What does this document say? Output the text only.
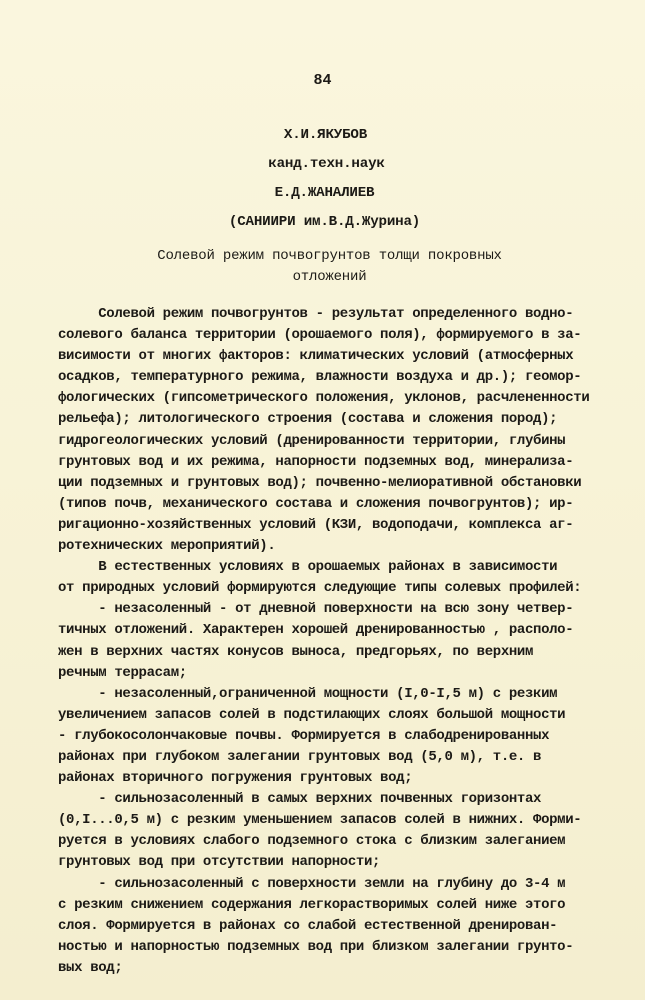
84
Х.И.ЯКУБОВ
канд.техн.наук
Е.Д.ЖАНАЛИЕВ
(САНИИРИ им.В.Д.Журина)
Солевой режим почвогрунтов толщи покровных
отложений
Солевой режим почвогрунтов - результат определенного водно-
солевого баланса территории (орошаемого поля), формируемого в за-
висимости от многих факторов: климатических условий (атмосферных
осадков, температурного режима, влажности воздуха и др.); геомор-
фологических (гипсометрического положения, уклонов, расчлененности
рельефа); литологического строения (состава и сложения пород);
гидрогеологических условий (дренированности территории, глубины
грунтовых вод и их режима, напорности подземных вод, минерализа-
ции подземных и грунтовых вод); почвенно-мелиоративной обстановки
(типов почв, механического состава и сложения почвогрунтов); ир-
ригационно-хозяйственных условий (КЗИ, водоподачи, комплекса аг-
ротехнических мероприятий).
В естественных условиях в орошаемых районах в зависимости
от природных условий формируются следующие типы солевых профилей:
- незасоленный - от дневной поверхности на всю зону четвер-
тичных отложений. Характерен хорошей дренированностью , располо-
жен в верхних частях конусов выноса, предгорьях, по верхним
речным террасам;
- незасоленный,ограниченной мощности (I,0-I,5 м) с резким
увеличением запасов солей в подстилающих слоях большой мощности
- глубокосолончаковые почвы. Формируется в слабодренированных
районах при глубоком залегании грунтовых вод (5,0 м), т.е. в
районах вторичного погружения грунтовых вод;
- сильнозасоленный в самых верхних почвенных горизонтах
(0,I...0,5 м) с резким уменьшением запасов солей в нижних. Форми-
руется в условиях слабого подземного стока с близким залеганием
грунтовых вод при отсутствии напорности;
- сильнозасоленный с поверхности земли на глубину до 3-4 м
с резким снижением содержания легкорастворимых солей ниже этого
слоя. Формируется в районах со слабой естественной дренирован-
ностью и напорностью подземных вод при близком залегании грунто-
вых вод;
